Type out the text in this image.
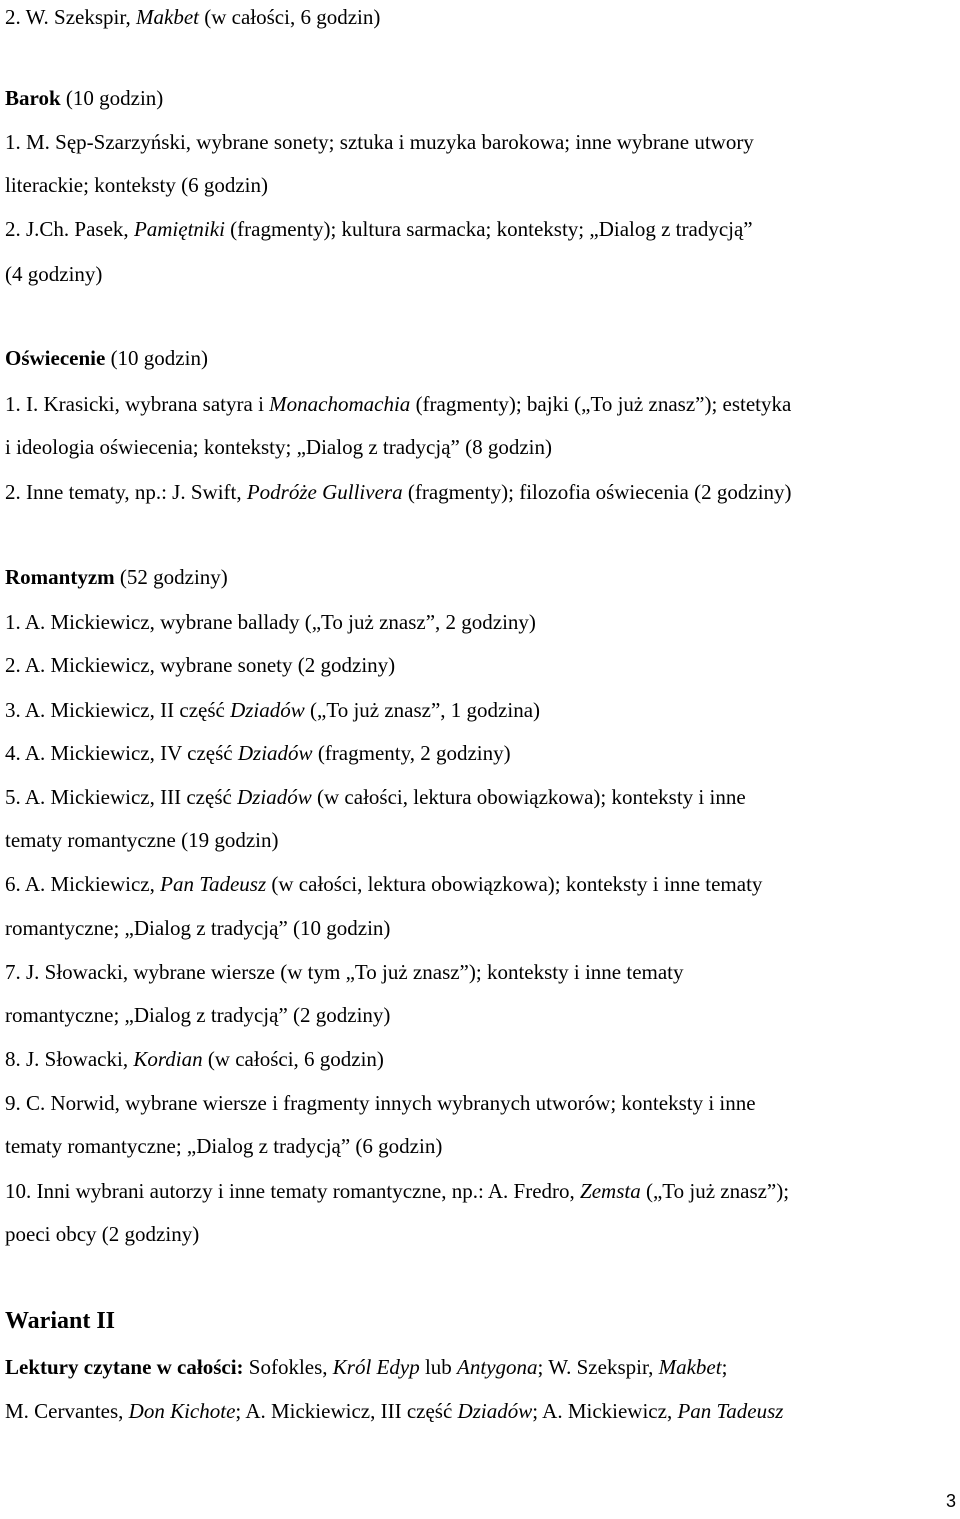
2. W. Szekspir, Makbet (w całości, 6 godzin)
Barok (10 godzin)
1. M. Sęp-Szarzyński, wybrane sonety; sztuka i muzyka barokowa; inne wybrane utwory
literackie; konteksty (6 godzin)
2. J.Ch. Pasek, Pamiętniki (fragmenty); kultura sarmacka; konteksty; „Dialog z tradycją”
(4 godziny)
Oświecenie (10 godzin)
1. I. Krasicki, wybrana satyra i Monachomachia (fragmenty); bajki („To już znasz”); estetyka
i ideologia oświecenia; konteksty; „Dialog z tradycją” (8 godzin)
2. Inne tematy, np.: J. Swift, Podróże Gullivera (fragmenty); filozofia oświecenia (2 godziny)
Romantyzm (52 godziny)
1. A. Mickiewicz, wybrane ballady („To już znasz”, 2 godziny)
2. A. Mickiewicz, wybrane sonety (2 godziny)
3. A. Mickiewicz, II część Dziadów („To już znasz”, 1 godzina)
4. A. Mickiewicz, IV część Dziadów (fragmenty, 2 godziny)
5. A. Mickiewicz, III część Dziadów (w całości, lektura obowiązkowa); konteksty i inne
tematy romantyczne (19 godzin)
6. A. Mickiewicz, Pan Tadeusz (w całości, lektura obowiązkowa); konteksty i inne tematy
romantyczne; „Dialog z tradycją” (10 godzin)
7. J. Słowacki, wybrane wiersze (w tym „To już znasz”); konteksty i inne tematy
romantyczne; „Dialog z tradycją” (2 godziny)
8. J. Słowacki, Kordian (w całości, 6 godzin)
9. C. Norwid, wybrane wiersze i fragmenty innych wybranych utworów; konteksty i inne
tematy romantyczne; „Dialog z tradycją” (6 godzin)
10. Inni wybrani autorzy i inne tematy romantyczne, np.: A. Fredro, Zemsta („To już znasz”);
poeci obcy (2 godziny)
Wariant II
Lektury czytane w całości: Sofokles, Król Edyp lub Antygona; W. Szekspir, Makbet;
M. Cervantes, Don Kichote; A. Mickiewicz, III część Dziadów; A. Mickiewicz, Pan Tadeusz
3
